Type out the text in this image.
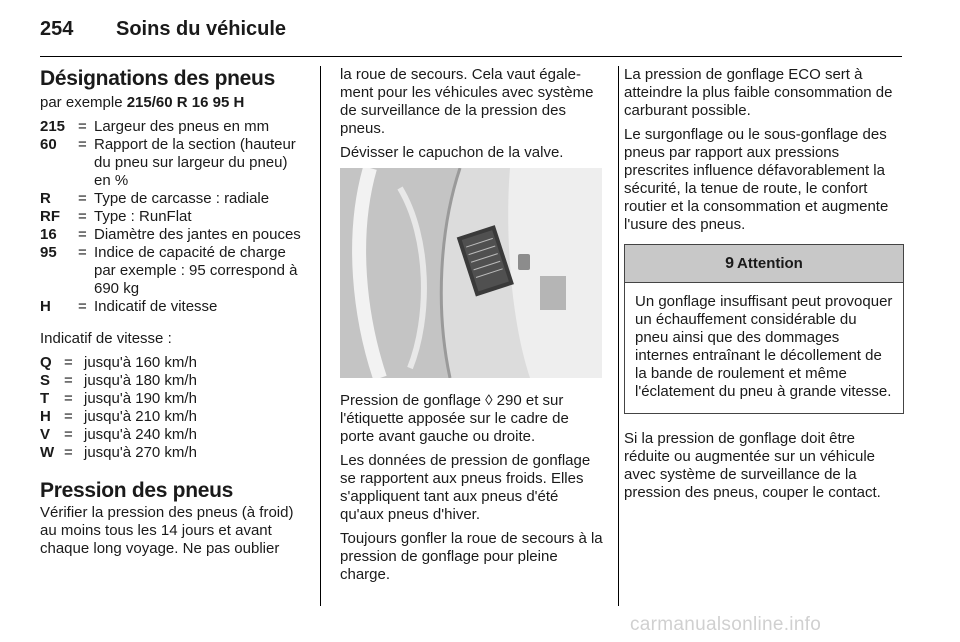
254	Soins du véhicule
Désignations des pneus
par exemple 215/60 R 16 95 H
215 = Largeur des pneus en mm
60	= Rapport de la section (hauteur du pneu sur largeur du pneu) en %
R	= Type de carcasse : radiale
RF	= Type : RunFlat
16	= Diamètre des jantes en pouces
95	= Indice de capacité de charge par exemple : 95 correspond à 690 kg
H	= Indicatif de vitesse

Indicatif de vitesse :

Q = jusqu'à 160 km/h
S = jusqu'à 180 km/h
T = jusqu'à 190 km/h
H = jusqu'à 210 km/h
V = jusqu'à 240 km/h
W = jusqu'à 270 km/h
Pression des pneus

Vérifier la pression des pneus (à froid) au moins tous les 14 jours et avant chaque long voyage. Ne pas oublier

la roue de secours. Cela vaut également pour les véhicules avec système de surveillance de la pression des pneus.

Dévisser le capuchon de la valve.

Pression de gonflage ◊ 290 et sur l'étiquette apposée sur le cadre de porte avant gauche ou droite.

Les données de pression de gonflage se rapportent aux pneus froids. Elles s'appliquent tant aux pneus d'été qu'aux pneus d'hiver.

Toujours gonfler la roue de secours à la pression de gonflage pour pleine charge.

La pression de gonflage ECO sert à atteindre la plus faible consommation de carburant possible.

Le surgonflage ou le sous-gonflage des pneus par rapport aux pressions prescrites influence défavorablement la sécurité, la tenue de route, le confort routier et la consommation et augmente l'usure des pneus.

9 Attention
Un gonflage insuffisant peut provoquer un échauffement considérable du pneu ainsi que des dommages internes entraînant le décollement de la bande de roulement et même l'éclatement du pneu à grande vitesse.

Si la pression de gonflage doit être réduite ou augmentée sur un véhicule avec système de surveillance de la pression des pneus, couper le contact.

carmanualsonline.info
